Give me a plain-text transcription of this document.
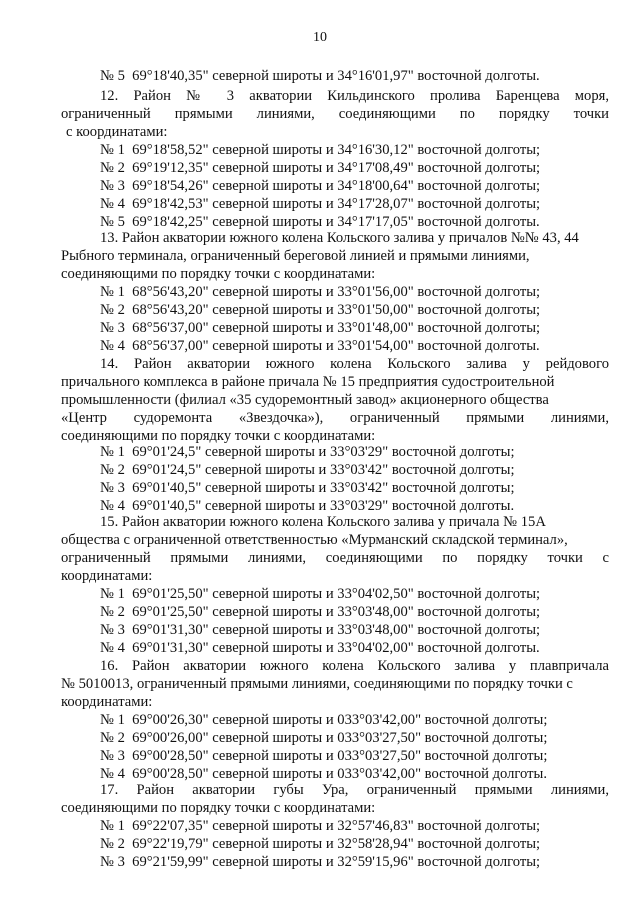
10
№ 5  69°18'40,35" северной широты и 34°16'01,97" восточной долготы.
12. Район № 3 акватории Кильдинского пролива Баренцева моря,
ограниченный прямыми линиями, соединяющими по порядку точки
с координатами:
№ 1  69°18'58,52" северной широты и 34°16'30,12" восточной долготы;
№ 2  69°19'12,35" северной широты и 34°17'08,49" восточной долготы;
№ 3  69°18'54,26" северной широты и 34°18'00,64" восточной долготы;
№ 4  69°18'42,53" северной широты и 34°17'28,07" восточной долготы;
№ 5  69°18'42,25" северной широты и 34°17'17,05" восточной долготы.
13. Район акватории южного колена Кольского залива у причалов №№ 43, 44
Рыбного терминала, ограниченный береговой линией и прямыми линиями,
соединяющими по порядку точки с координатами:
№ 1  68°56'43,20" северной широты и 33°01'56,00" восточной долготы;
№ 2  68°56'43,20" северной широты и 33°01'50,00" восточной долготы;
№ 3  68°56'37,00" северной широты и 33°01'48,00" восточной долготы;
№ 4  68°56'37,00" северной широты и 33°01'54,00" восточной долготы.
14. Район акватории южного колена Кольского залива у рейдового
причального комплекса в районе причала № 15 предприятия судостроительной
промышленности (филиал «35 судоремонтный завод» акционерного общества
«Центр судоремонта «Звездочка»), ограниченный прямыми линиями,
соединяющими по порядку точки с координатами:
№ 1  69°01'24,5" северной широты и 33°03'29" восточной долготы;
№ 2  69°01'24,5" северной широты и 33°03'42" восточной долготы;
№ 3  69°01'40,5" северной широты и 33°03'42" восточной долготы;
№ 4  69°01'40,5" северной широты и 33°03'29" восточной долготы.
15. Район акватории южного колена Кольского залива у причала № 15А
общества с ограниченной ответственностью «Мурманский складской терминал»,
ограниченный прямыми линиями, соединяющими по порядку точки с
координатами:
№ 1  69°01'25,50" северной широты и 33°04'02,50" восточной долготы;
№ 2  69°01'25,50" северной широты и 33°03'48,00" восточной долготы;
№ 3  69°01'31,30" северной широты и 33°03'48,00" восточной долготы;
№ 4  69°01'31,30" северной широты и 33°04'02,00" восточной долготы.
16. Район акватории южного колена Кольского залива у плавпричала
№ 5010013, ограниченный прямыми линиями, соединяющими по порядку точки с
координатами:
№ 1  69°00'26,30" северной широты и 033°03'42,00" восточной долготы;
№ 2  69°00'26,00" северной широты и 033°03'27,50" восточной долготы;
№ 3  69°00'28,50" северной широты и 033°03'27,50" восточной долготы;
№ 4  69°00'28,50" северной широты и 033°03'42,00" восточной долготы.
17. Район акватории губы Ура, ограниченный прямыми линиями,
соединяющими по порядку точки с координатами:
№ 1  69°22'07,35" северной широты и 32°57'46,83" восточной долготы;
№ 2  69°22'19,79" северной широты и 32°58'28,94" восточной долготы;
№ 3  69°21'59,99" северной широты и 32°59'15,96" восточной долготы;
